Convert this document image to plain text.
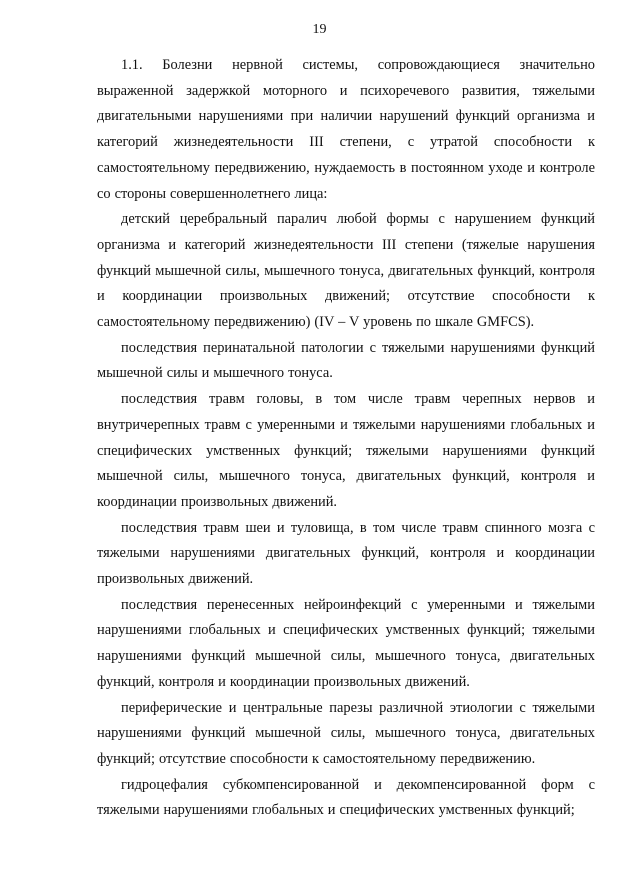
19

1.1. Болезни нервной системы, сопровождающиеся значительно выраженной задержкой моторного и психоречевого развития, тяжелыми двигательными нарушениями при наличии нарушений функций организма и категорий жизнедеятельности III степени, с утратой способности к самостоятельному передвижению, нуждаемость в постоянном уходе и контроле со стороны совершеннолетнего лица:

детский церебральный паралич любой формы с нарушением функций организма и категорий жизнедеятельности III степени (тяжелые нарушения функций мышечной силы, мышечного тонуса, двигательных функций, контроля и координации произвольных движений; отсутствие способности к самостоятельному передвижению) (IV – V уровень по шкале GMFCS).

последствия перинатальной патологии с тяжелыми нарушениями функций мышечной силы и мышечного тонуса.

последствия травм головы, в том числе травм черепных нервов и внутричерепных травм с умеренными и тяжелыми нарушениями глобальных и специфических умственных функций; тяжелыми нарушениями функций мышечной силы, мышечного тонуса, двигательных функций, контроля и координации произвольных движений.

последствия травм шеи и туловища, в том числе травм спинного мозга с тяжелыми нарушениями двигательных функций, контроля и координации произвольных движений.

последствия перенесенных нейроинфекций с умеренными и тяжелыми нарушениями глобальных и специфических умственных функций; тяжелыми нарушениями функций мышечной силы, мышечного тонуса, двигательных функций, контроля и координации произвольных движений.

периферические и центральные парезы различной этиологии с тяжелыми нарушениями функций мышечной силы, мышечного тонуса, двигательных функций; отсутствие способности к самостоятельному передвижению.

гидроцефалия субкомпенсированной и декомпенсированной форм с тяжелыми нарушениями глобальных и специфических умственных функций;
